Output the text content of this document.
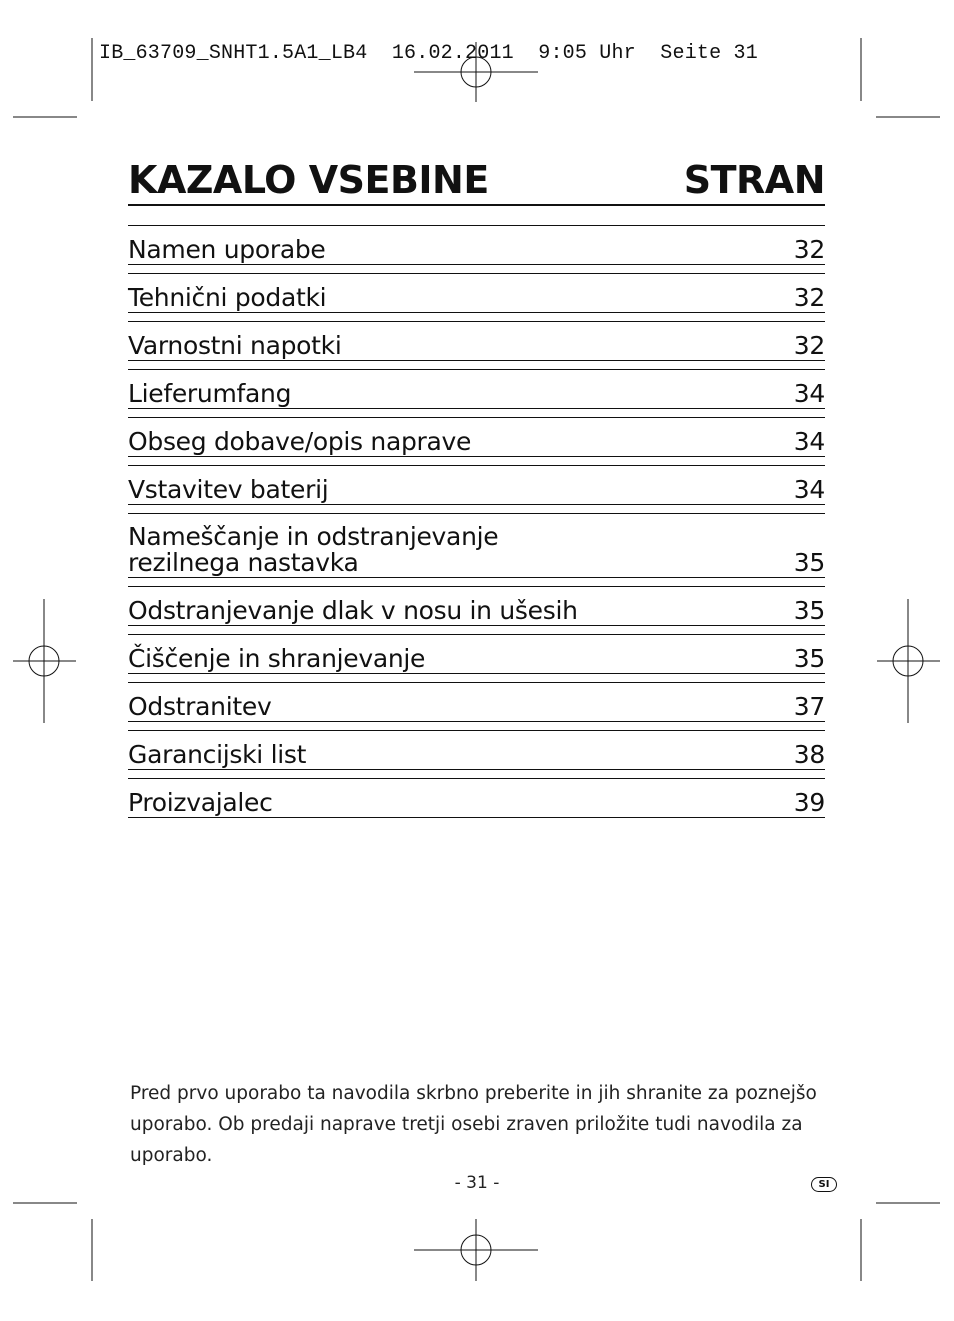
IB_63709_SNHT1.5A1_LB4  16.02.2011  9:05 Uhr  Seite 31
KAZALO VSEBINE	STRAN
Namen uporabe	32
Tehnični podatki	32
Varnostni napotki	32
Lieferumfang	34
Obseg dobave/opis naprave	34
Vstavitev baterij	34
Nameščanje in odstranjevanje
rezilnega nastavka	35
Odstranjevanje dlak v nosu in ušesih	35
Čiščenje in shranjevanje	35
Odstranitev	37
Garancijski list	38
Proizvajalec	39

Pred prvo uporabo ta navodila skrbno preberite in jih shranite za poznejšo uporabo. Ob predaji naprave tretji osebi zraven priložite tudi navodila za uporabo.

- 31 -	SI
